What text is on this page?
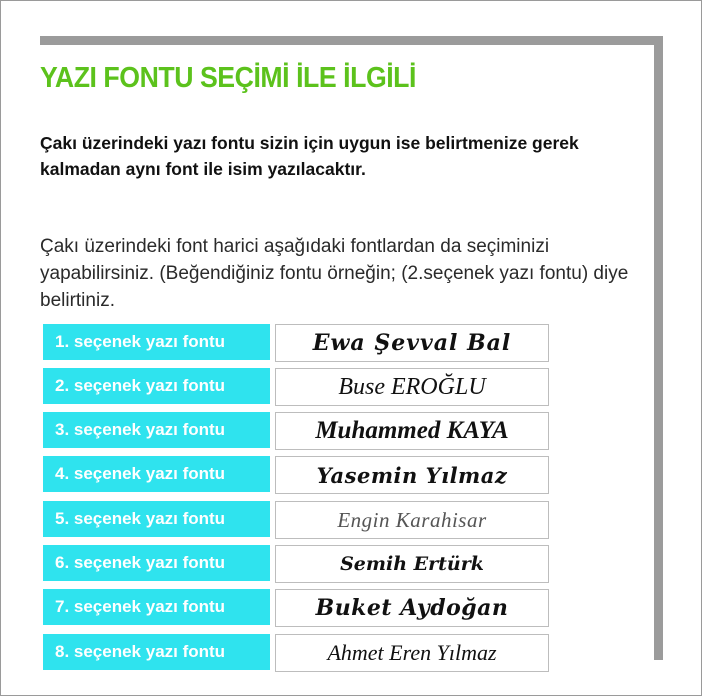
YAZI FONTU SEÇİMİ İLE İLGİLİ

Çakı üzerindeki yazı fontu sizin için uygun ise belirtmenize gerek kalmadan aynı font ile isim yazılacaktır.

Çakı üzerindeki font harici aşağıdaki fontlardan da seçiminizi yapabilirsiniz. (Beğendiğiniz fontu örneğin; (2.seçenek yazı fontu) diye belirtiniz.

1. seçenek yazı fontu	Ewa Şevval Bal
2. seçenek yazı fontu	Buse EROĞLU
3. seçenek yazı fontu	Muhammed KAYA
4. seçenek yazı fontu	Yasemin Yılmaz
5. seçenek yazı fontu	Engin Karahisar
6. seçenek yazı fontu	Semih Ertürk
7. seçenek yazı fontu	Buket Aydoğan
8. seçenek yazı fontu	Ahmet Eren Yılmaz
